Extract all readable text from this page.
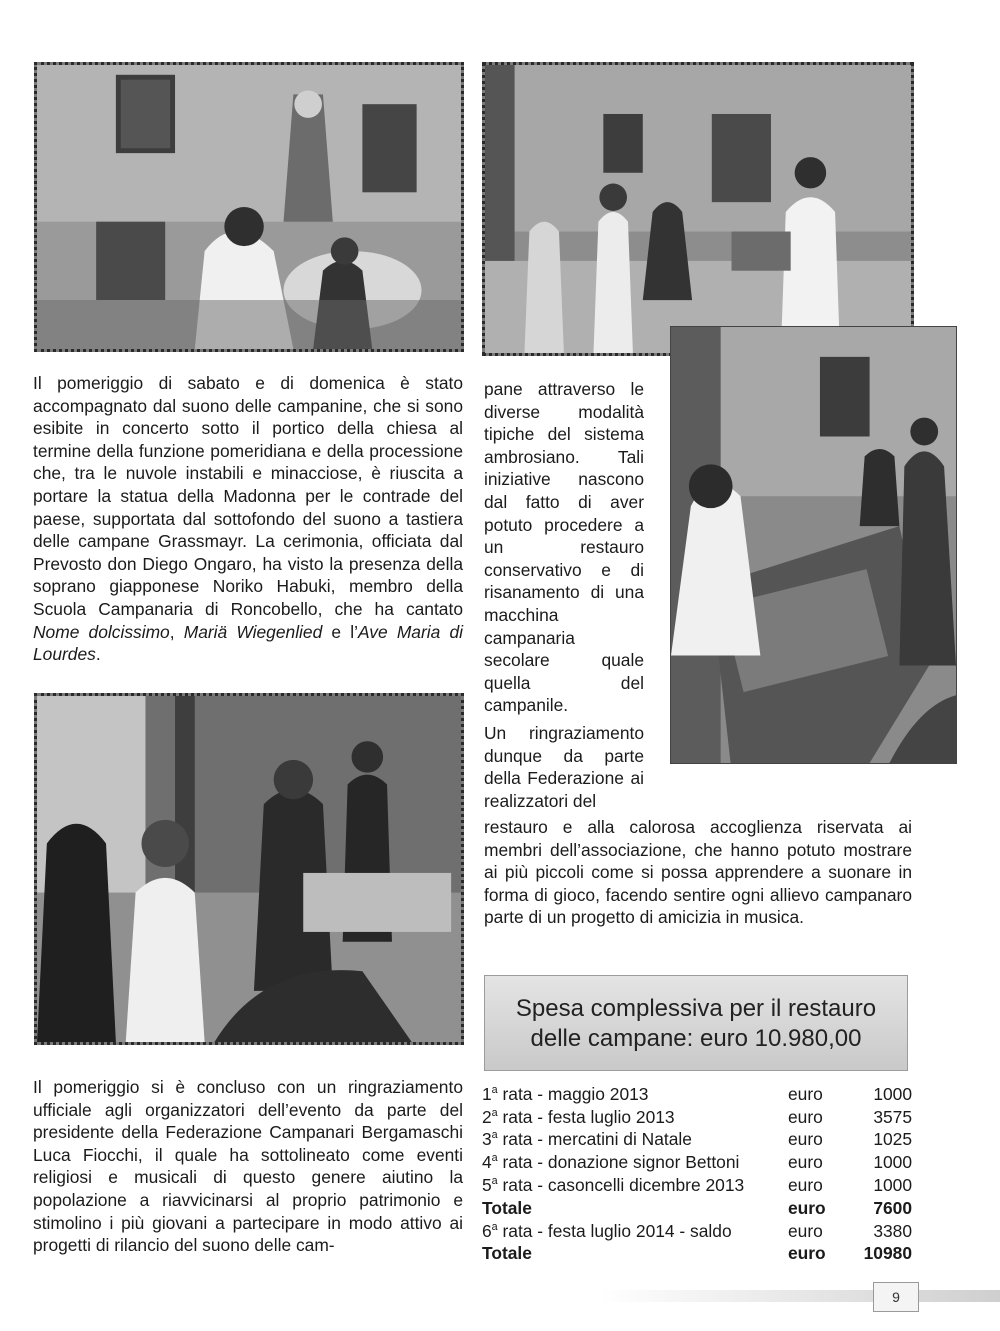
Il pomeriggio di sabato e di domenica è stato accompagnato dal suono delle campanine, che si sono esibite in concerto sotto il portico della chiesa al termine della funzione pomeridiana e della processione che, tra le nuvole instabili e minacciose, è riuscita a portare la statua della Madonna per le contrade del paese, supportata dal sottofondo del suono a tastiera delle campane Grassmayr. La cerimonia, officiata dal Prevosto don Diego Ongaro, ha visto la presenza della soprano giapponese Noriko Habuki, membro della Scuola Campanaria di Roncobello, che ha cantato Nome dolcissimo, Mariä Wiegenlied e l’Ave Maria di Lourdes.

pane attraverso le diverse modalità tipiche del sistema ambrosiano. Tali iniziative nascono dal fatto di aver potuto procedere a un restauro conservativo e di risanamento di una macchina campanaria secolare quale quella del campanile.

Un ringraziamento dunque da parte della Federazione ai realizzatori del

restauro e alla calorosa accoglienza riservata ai membri dell’associazione, che hanno potuto mostrare ai più piccoli come si possa apprendere a suonare in forma di gioco, facendo sentire ogni allievo campanaro parte di un progetto di amicizia in musica.

Il pomeriggio si è concluso con un ringraziamento ufficiale agli organizzatori dell’evento da parte del presidente della Federazione Campanari Bergamaschi Luca Fiocchi, il quale ha sottolineato come eventi religiosi e musicali di questo genere aiutino la popolazione a riavvicinarsi al proprio patrimonio e stimolino i più giovani a partecipare in modo attivo ai progetti di rilancio del suono delle cam-

Spesa complessiva per il restauro
delle campane: euro 10.980,00
1$^a$ rata - maggio 2013	euro	1000
2$^a$ rata - festa luglio 2013	euro	3575
3$^a$ rata - mercatini di Natale	euro	1025
4$^a$ rata - donazione signor Bettoni	euro	1000
5$^a$ rata - casoncelli dicembre 2013	euro	1000
Totale	euro	7600
6$^a$ rata - festa luglio 2014 - saldo	euro	3380
Totale	euro	10980
9
